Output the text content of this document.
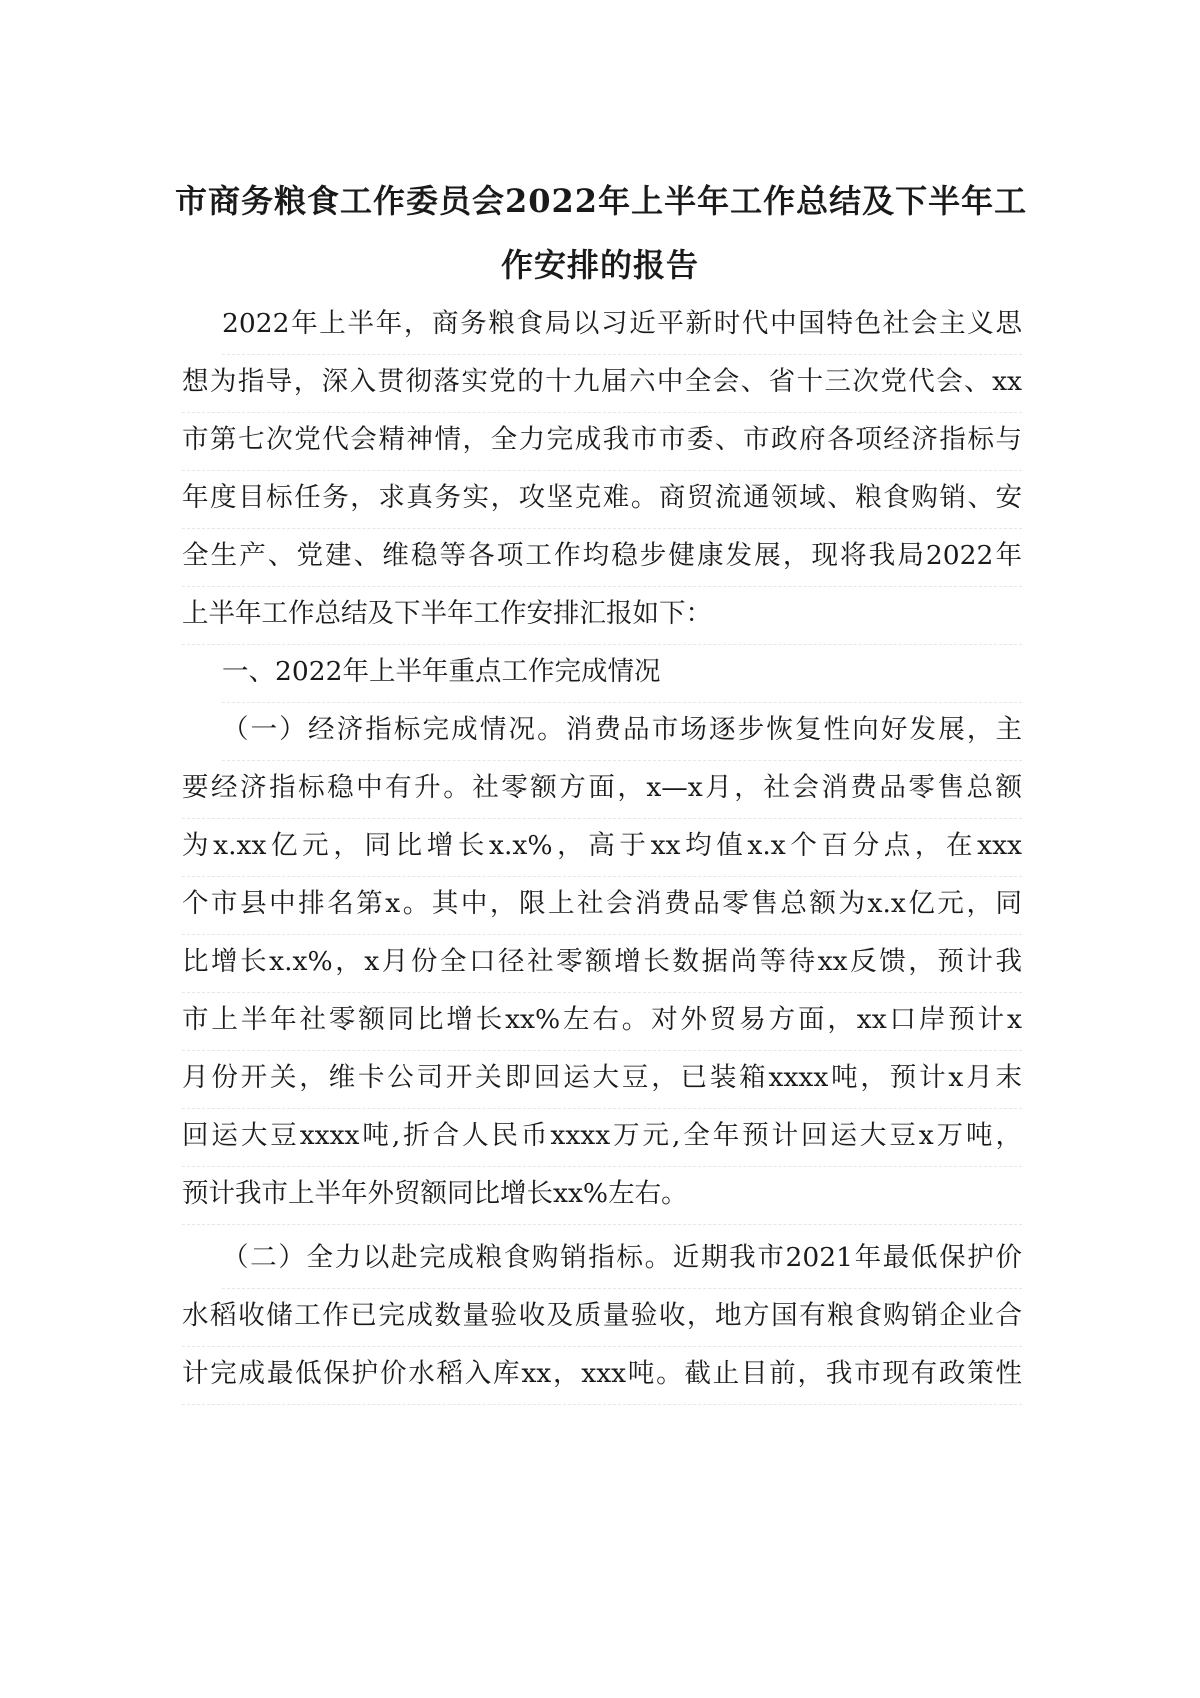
市商务粮食工作委员会2022年上半年工作总结及下半年工
作安排的报告
2022年上半年，商务粮食局以习近平新时代中国特色社会主义思
想为指导，深入贯彻落实党的十九届六中全会、省十三次党代会、xx
市第七次党代会精神情，全力完成我市市委、市政府各项经济指标与
年度目标任务，求真务实，攻坚克难。商贸流通领域、粮食购销、安
全生产、党建、维稳等各项工作均稳步健康发展，现将我局2022年
上半年工作总结及下半年工作安排汇报如下：
一、2022年上半年重点工作完成情况
（一）经济指标完成情况。消费品市场逐步恢复性向好发展，主
要经济指标稳中有升。社零额方面，x—x月，社会消费品零售总额
为x.xx亿元，同比增长x.x%，高于xx均值x.x个百分点，在xxx
个市县中排名第x。其中，限上社会消费品零售总额为x.x亿元，同
比增长x.x%，x月份全口径社零额增长数据尚等待xx反馈，预计我
市上半年社零额同比增长xx%左右。对外贸易方面，xx口岸预计x
月份开关，维卡公司开关即回运大豆，已装箱xxxx吨，预计x月末
回运大豆xxxx吨,折合人民币xxxx万元,全年预计回运大豆x万吨，
预计我市上半年外贸额同比增长xx%左右。
（二）全力以赴完成粮食购销指标。近期我市2021年最低保护价
水稻收储工作已完成数量验收及质量验收，地方国有粮食购销企业合
计完成最低保护价水稻入库xx，xxx吨。截止目前，我市现有政策性
